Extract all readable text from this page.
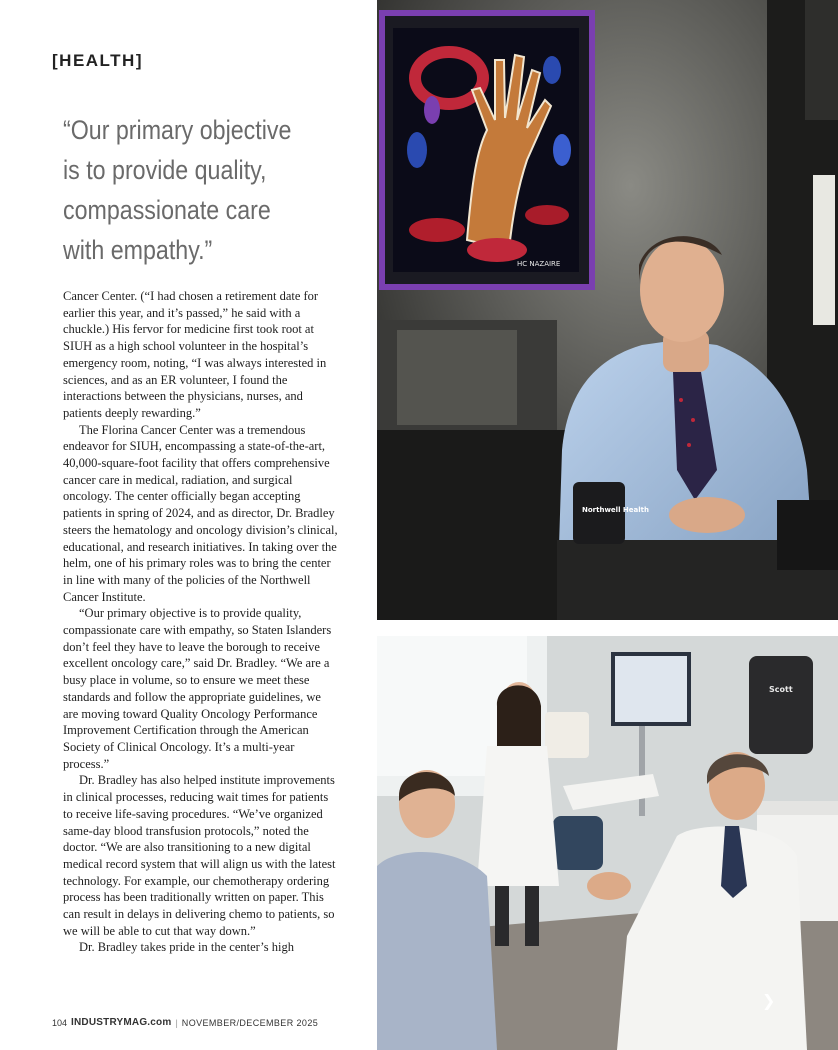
[HEALTH]
“Our primary objective is to provide quality, compassionate care with empathy.”

Cancer Center. (“I had chosen a retirement date for earlier this year, and it’s passed,” he said with a chuckle.) His fervor for medicine first took root at SIUH as a high school volunteer in the hospital’s emergency room, noting, “I was always interested in sciences, and as an ER volunteer, I found the interactions between the physicians, nurses, and patients deeply rewarding.”

The Florina Cancer Center was a tremendous endeavor for SIUH, encompassing a state-of-the-art, 40,000-square-foot facility that offers comprehensive cancer care in medical, radiation, and surgical oncology. The center officially began accepting patients in spring of 2024, and as director, Dr. Bradley steers the hematology and oncology division’s clinical, educational, and research initiatives. In taking over the helm, one of his primary roles was to bring the center in line with many of the policies of the Northwell Cancer Institute.

“Our primary objective is to provide quality, compassionate care with empathy, so Staten Islanders don’t feel they have to leave the borough to receive excellent oncology care,” said Dr. Bradley. “We are a busy place in volume, so to ensure we meet these standards and follow the appropriate guidelines, we are moving toward Quality Oncology Performance Improvement Certification through the American Society of Clinical Oncology. It’s a multi-year process.”

Dr. Bradley has also helped institute improvements in clinical processes, reducing wait times for patients to receive life-saving procedures. “We’ve organized same-day blood transfusion protocols,” noted the doctor. “We are also transitioning to a new digital medical record system that will align us with the latest technology. For example, our chemotherapy ordering process has been traditionally written on paper. This can result in delays in delivering chemo to patients, so we will be able to cut that way down.”

Dr. Bradley takes pride in the center’s high

HC NAZAIRE
Northwell Health
Scott
❯
104 INDUSTRYMAG.com | NOVEMBER/DECEMBER 2025
